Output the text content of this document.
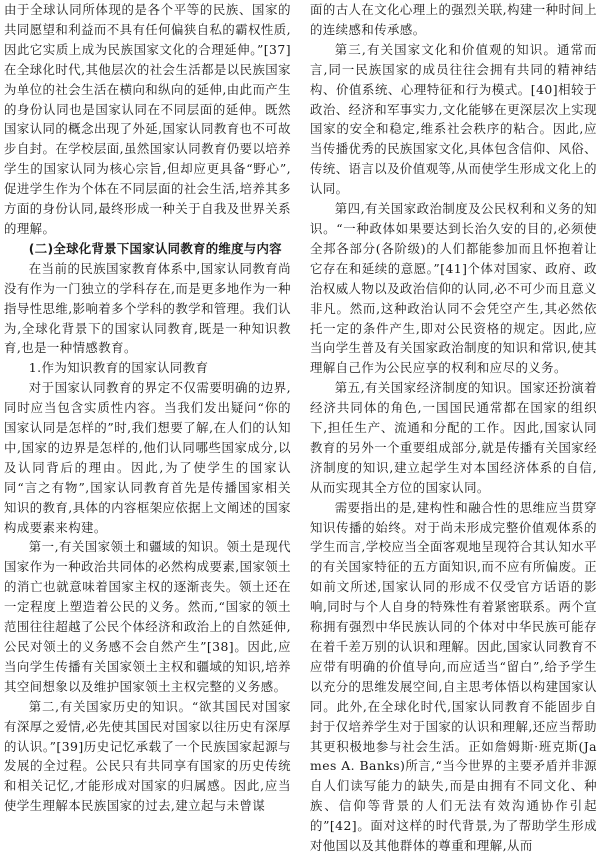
由于全球认同所体现的是各个平等的民族、国家的共同愿望和利益而不具有任何偏狭自私的霸权性质,因此它实质上成为民族国家文化的合理延伸。”[37]在全球化时代,其他层次的社会生活都是以民族国家为单位的社会生活在横向和纵向的延伸,由此而产生的身份认同也是国家认同在不同层面的延伸。既然国家认同的概念出现了外延,国家认同教育也不可故步自封。在学校层面,虽然国家认同教育仍要以培养学生的国家认同为核心宗旨,但却应更具备“野心”,促进学生作为个体在不同层面的社会生活,培养其多方面的身份认同,最终形成一种关于自我及世界关系的理解。

(二)全球化背景下国家认同教育的维度与内容

在当前的民族国家教育体系中,国家认同教育尚没有作为一门独立的学科存在,而是更多地作为一种指导性思维,影响着多个学科的教学和管理。我们认为,全球化背景下的国家认同教育,既是一种知识教育,也是一种情感教育。

1.作为知识教育的国家认同教育

对于国家认同教育的界定不仅需要明确的边界,同时应当包含实质性内容。当我们发出疑问“你的国家认同是怎样的”时,我们想要了解,在人们的认知中,国家的边界是怎样的,他们认同哪些国家成分,以及认同背后的理由。因此,为了使学生的国家认同“言之有物”,国家认同教育首先是传播国家相关知识的教育,具体的内容框架应依据上文阐述的国家构成要素来构建。

第一,有关国家领土和疆域的知识。领土是现代国家作为一种政治共同体的必然构成要素,国家领土的消亡也就意味着国家主权的逐渐丧失。领土还在一定程度上塑造着公民的义务。然而,“国家的领土范围往往超越了公民个体经济和政治上的自然延伸,公民对领土的义务感不会自然产生”[38]。因此,应当向学生传播有关国家领土主权和疆域的知识,培养其空间想象以及维护国家领土主权完整的义务感。

第二,有关国家历史的知识。“欲其国民对国家有深厚之爱情,必先使其国民对国家以往历史有深厚的认识。”[39]历史记忆承载了一个民族国家起源与发展的全过程。公民只有共同享有国家的历史传统和相关记忆,才能形成对国家的归属感。因此,应当使学生理解本民族国家的过去,建立起与未曾谋

面的古人在文化心理上的强烈关联,构建一种时间上的连续感和传承感。

第三,有关国家文化和价值观的知识。通常而言,同一民族国家的成员往往会拥有共同的精神结构、价值系统、心理特征和行为模式。[40]相较于政治、经济和军事实力,文化能够在更深层次上实现国家的安全和稳定,维系社会秩序的粘合。因此,应当传播优秀的民族国家文化,具体包含信仰、风俗、传统、语言以及价值观等,从而使学生形成文化上的认同。

第四,有关国家政治制度及公民权利和义务的知识。“一种政体如果要达到长治久安的目的,必须使全邦各部分(各阶级)的人们都能参加而且怀抱着让它存在和延续的意愿。”[41]个体对国家、政府、政治权威人物以及政治信仰的认同,必不可少而且意义非凡。然而,这种政治认同不会凭空产生,其必然依托一定的条件产生,即对公民资格的规定。因此,应当向学生普及有关国家政治制度的知识和常识,使其理解自己作为公民应享的权利和应尽的义务。

第五,有关国家经济制度的知识。国家还扮演着经济共同体的角色,一国国民通常都在国家的组织下,担任生产、流通和分配的工作。因此,国家认同教育的另外一个重要组成部分,就是传播有关国家经济制度的知识,建立起学生对本国经济体系的自信,从而实现其全方位的国家认同。

需要指出的是,建构性和融合性的思维应当贯穿知识传播的始终。对于尚未形成完整价值观体系的学生而言,学校应当全面客观地呈现符合其认知水平的有关国家特征的五方面知识,而不应有所偏废。正如前文所述,国家认同的形成不仅受官方话语的影响,同时与个人自身的特殊性有着紧密联系。两个宣称拥有强烈中华民族认同的个体对中华民族可能存在着千差万别的认识和理解。因此,国家认同教育不应带有明确的价值导向,而应适当“留白”,给予学生以充分的思维发展空间,自主思考体悟以构建国家认同。此外,在全球化时代,国家认同教育不能固步自封于仅培养学生对于国家的认识和理解,还应当帮助其更积极地参与社会生活。正如詹姆斯·班克斯(James A. Banks)所言,“当今世界的主要矛盾并非源自人们读写能力的缺失,而是由拥有不同文化、种族、信仰等背景的人们无法有效沟通协作引起的”[42]。面对这样的时代背景,为了帮助学生形成对他国以及其他群体的尊重和理解,从而
